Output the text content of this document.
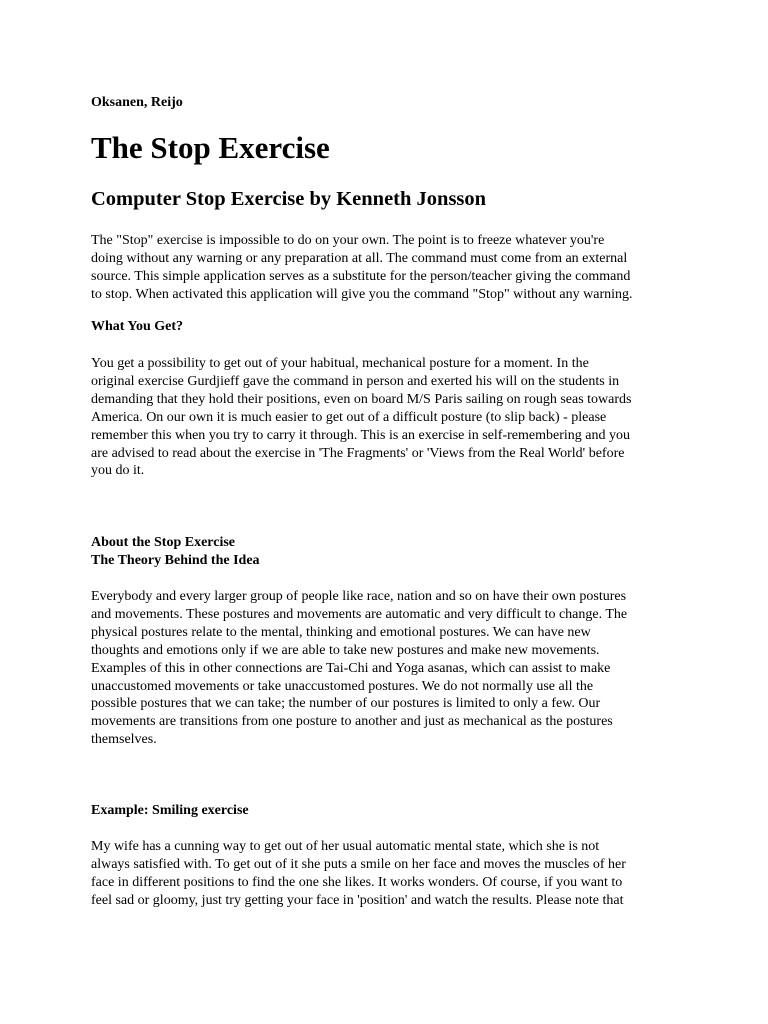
Oksanen, Reijo
The Stop Exercise
Computer Stop Exercise by Kenneth Jonsson

The "Stop" exercise is impossible to do on your own. The point is to freeze whatever you're
doing without any warning or any preparation at all. The command must come from an external
source. This simple application serves as a substitute for the person/teacher giving the command
to stop. When activated this application will give you the command "Stop" without any warning.

What You Get?

You get a possibility to get out of your habitual, mechanical posture for a moment. In the
original exercise Gurdjieff gave the command in person and exerted his will on the students in
demanding that they hold their positions, even on board M/S Paris sailing on rough seas towards
America. On our own it is much easier to get out of a difficult posture (to slip back) - please
remember this when you try to carry it through. This is an exercise in self-remembering and you
are advised to read about the exercise in 'The Fragments' or 'Views from the Real World' before
you do it.

About the Stop Exercise
The Theory Behind the Idea

Everybody and every larger group of people like race, nation and so on have their own postures
and movements. These postures and movements are automatic and very difficult to change. The
physical postures relate to the mental, thinking and emotional postures. We can have new
thoughts and emotions only if we are able to take new postures and make new movements.
Examples of this in other connections are Tai-Chi and Yoga asanas, which can assist to make
unaccustomed movements or take unaccustomed postures. We do not normally use all the
possible postures that we can take; the number of our postures is limited to only a few. Our
movements are transitions from one posture to another and just as mechanical as the postures
themselves.

Example: Smiling exercise

My wife has a cunning way to get out of her usual automatic mental state, which she is not
always satisfied with. To get out of it she puts a smile on her face and moves the muscles of her
face in different positions to find the one she likes. It works wonders. Of course, if you want to
feel sad or gloomy, just try getting your face in 'position' and watch the results. Please note that
